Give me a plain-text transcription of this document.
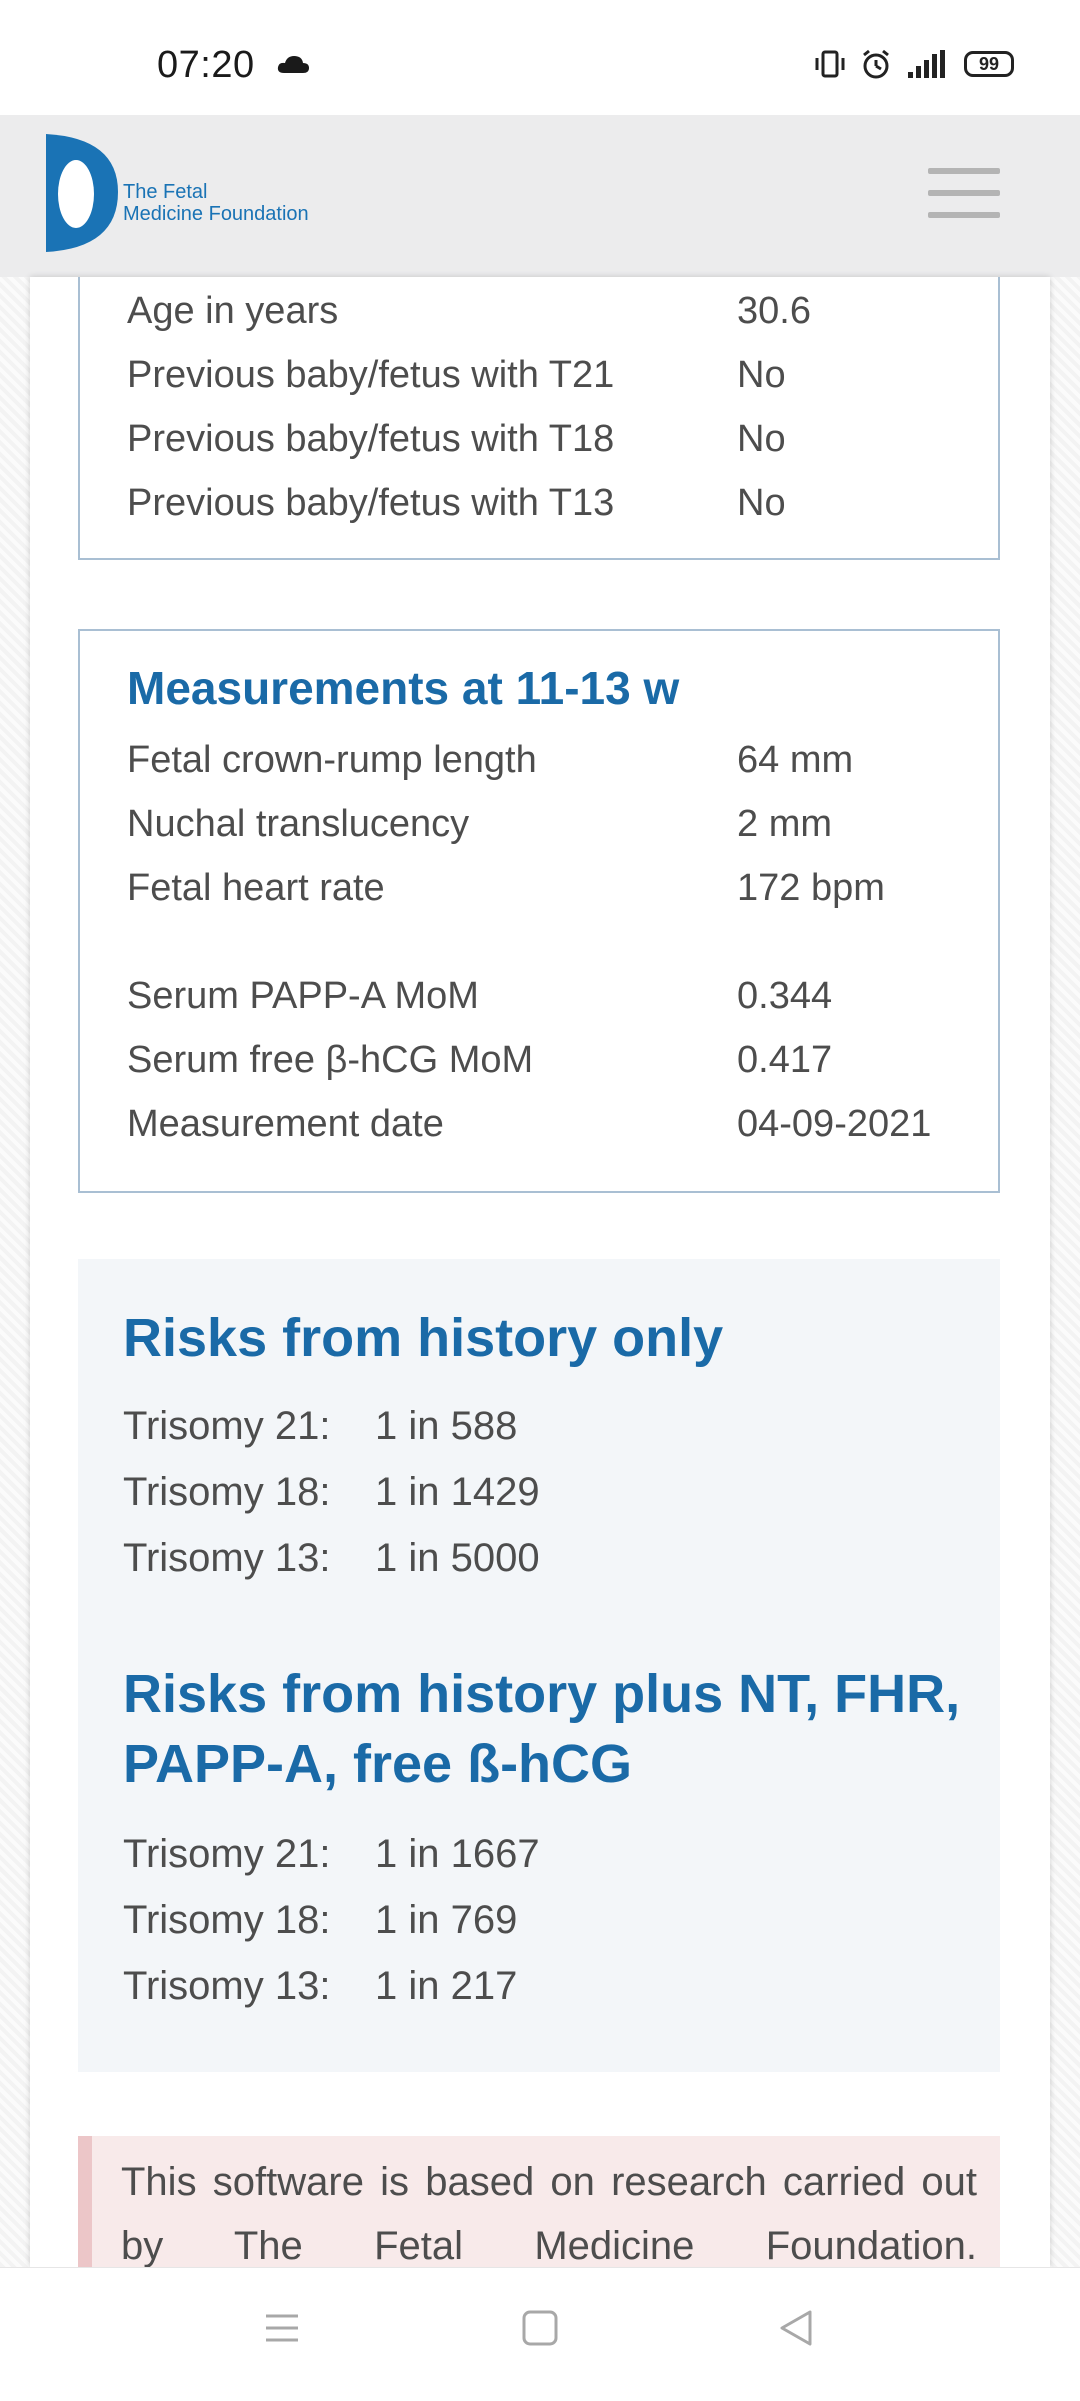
07:20	99
The Fetal
Medicine Foundation
Age in years	30.6
Previous baby/fetus with T21	No
Previous baby/fetus with T18	No
Previous baby/fetus with T13	No
Measurements at 11-13 w
Fetal crown-rump length	64 mm
Nuchal translucency	2 mm
Fetal heart rate	172 bpm
Serum PAPP-A MoM	0.344
Serum free β-hCG MoM	0.417
Measurement date	04-09-2021
Risks from history only
Trisomy 21: 1 in 588
Trisomy 18: 1 in 1429
Trisomy 13: 1 in 5000
Risks from history plus NT, FHR,
PAPP-A, free ß-hCG
Trisomy 21: 1 in 1667
Trisomy 18: 1 in 769
Trisomy 13: 1 in 217

This software is based on research carried out by The Fetal Medicine Foundation.
